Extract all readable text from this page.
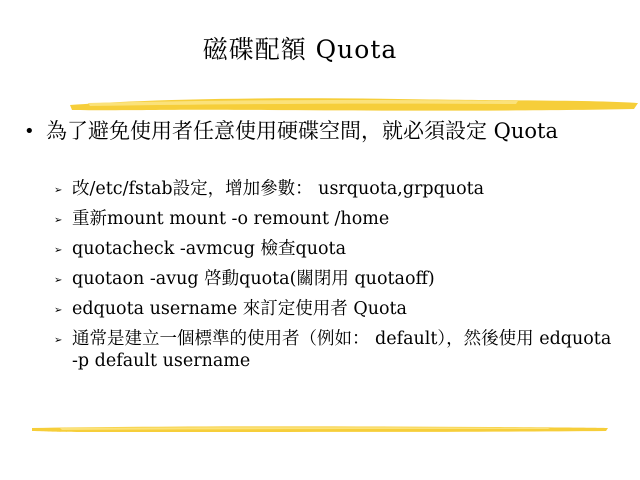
磁碟配額 Quota
• 為了避免使用者任意使用硬碟空間，就必須設定 Quota
➢ 改/etc/fstab設定，增加參數： usrquota,grpquota
➢ 重新mount mount -o remount /home
➢ quotacheck -avmcug 檢查quota
➢ quotaon -avug 啓動quota(關閉用 quotaoff)
➢ edquota username 來訂定使用者 Quota
➢ 通常是建立一個標準的使用者（例如： default），然後使用 edquota -p default username
